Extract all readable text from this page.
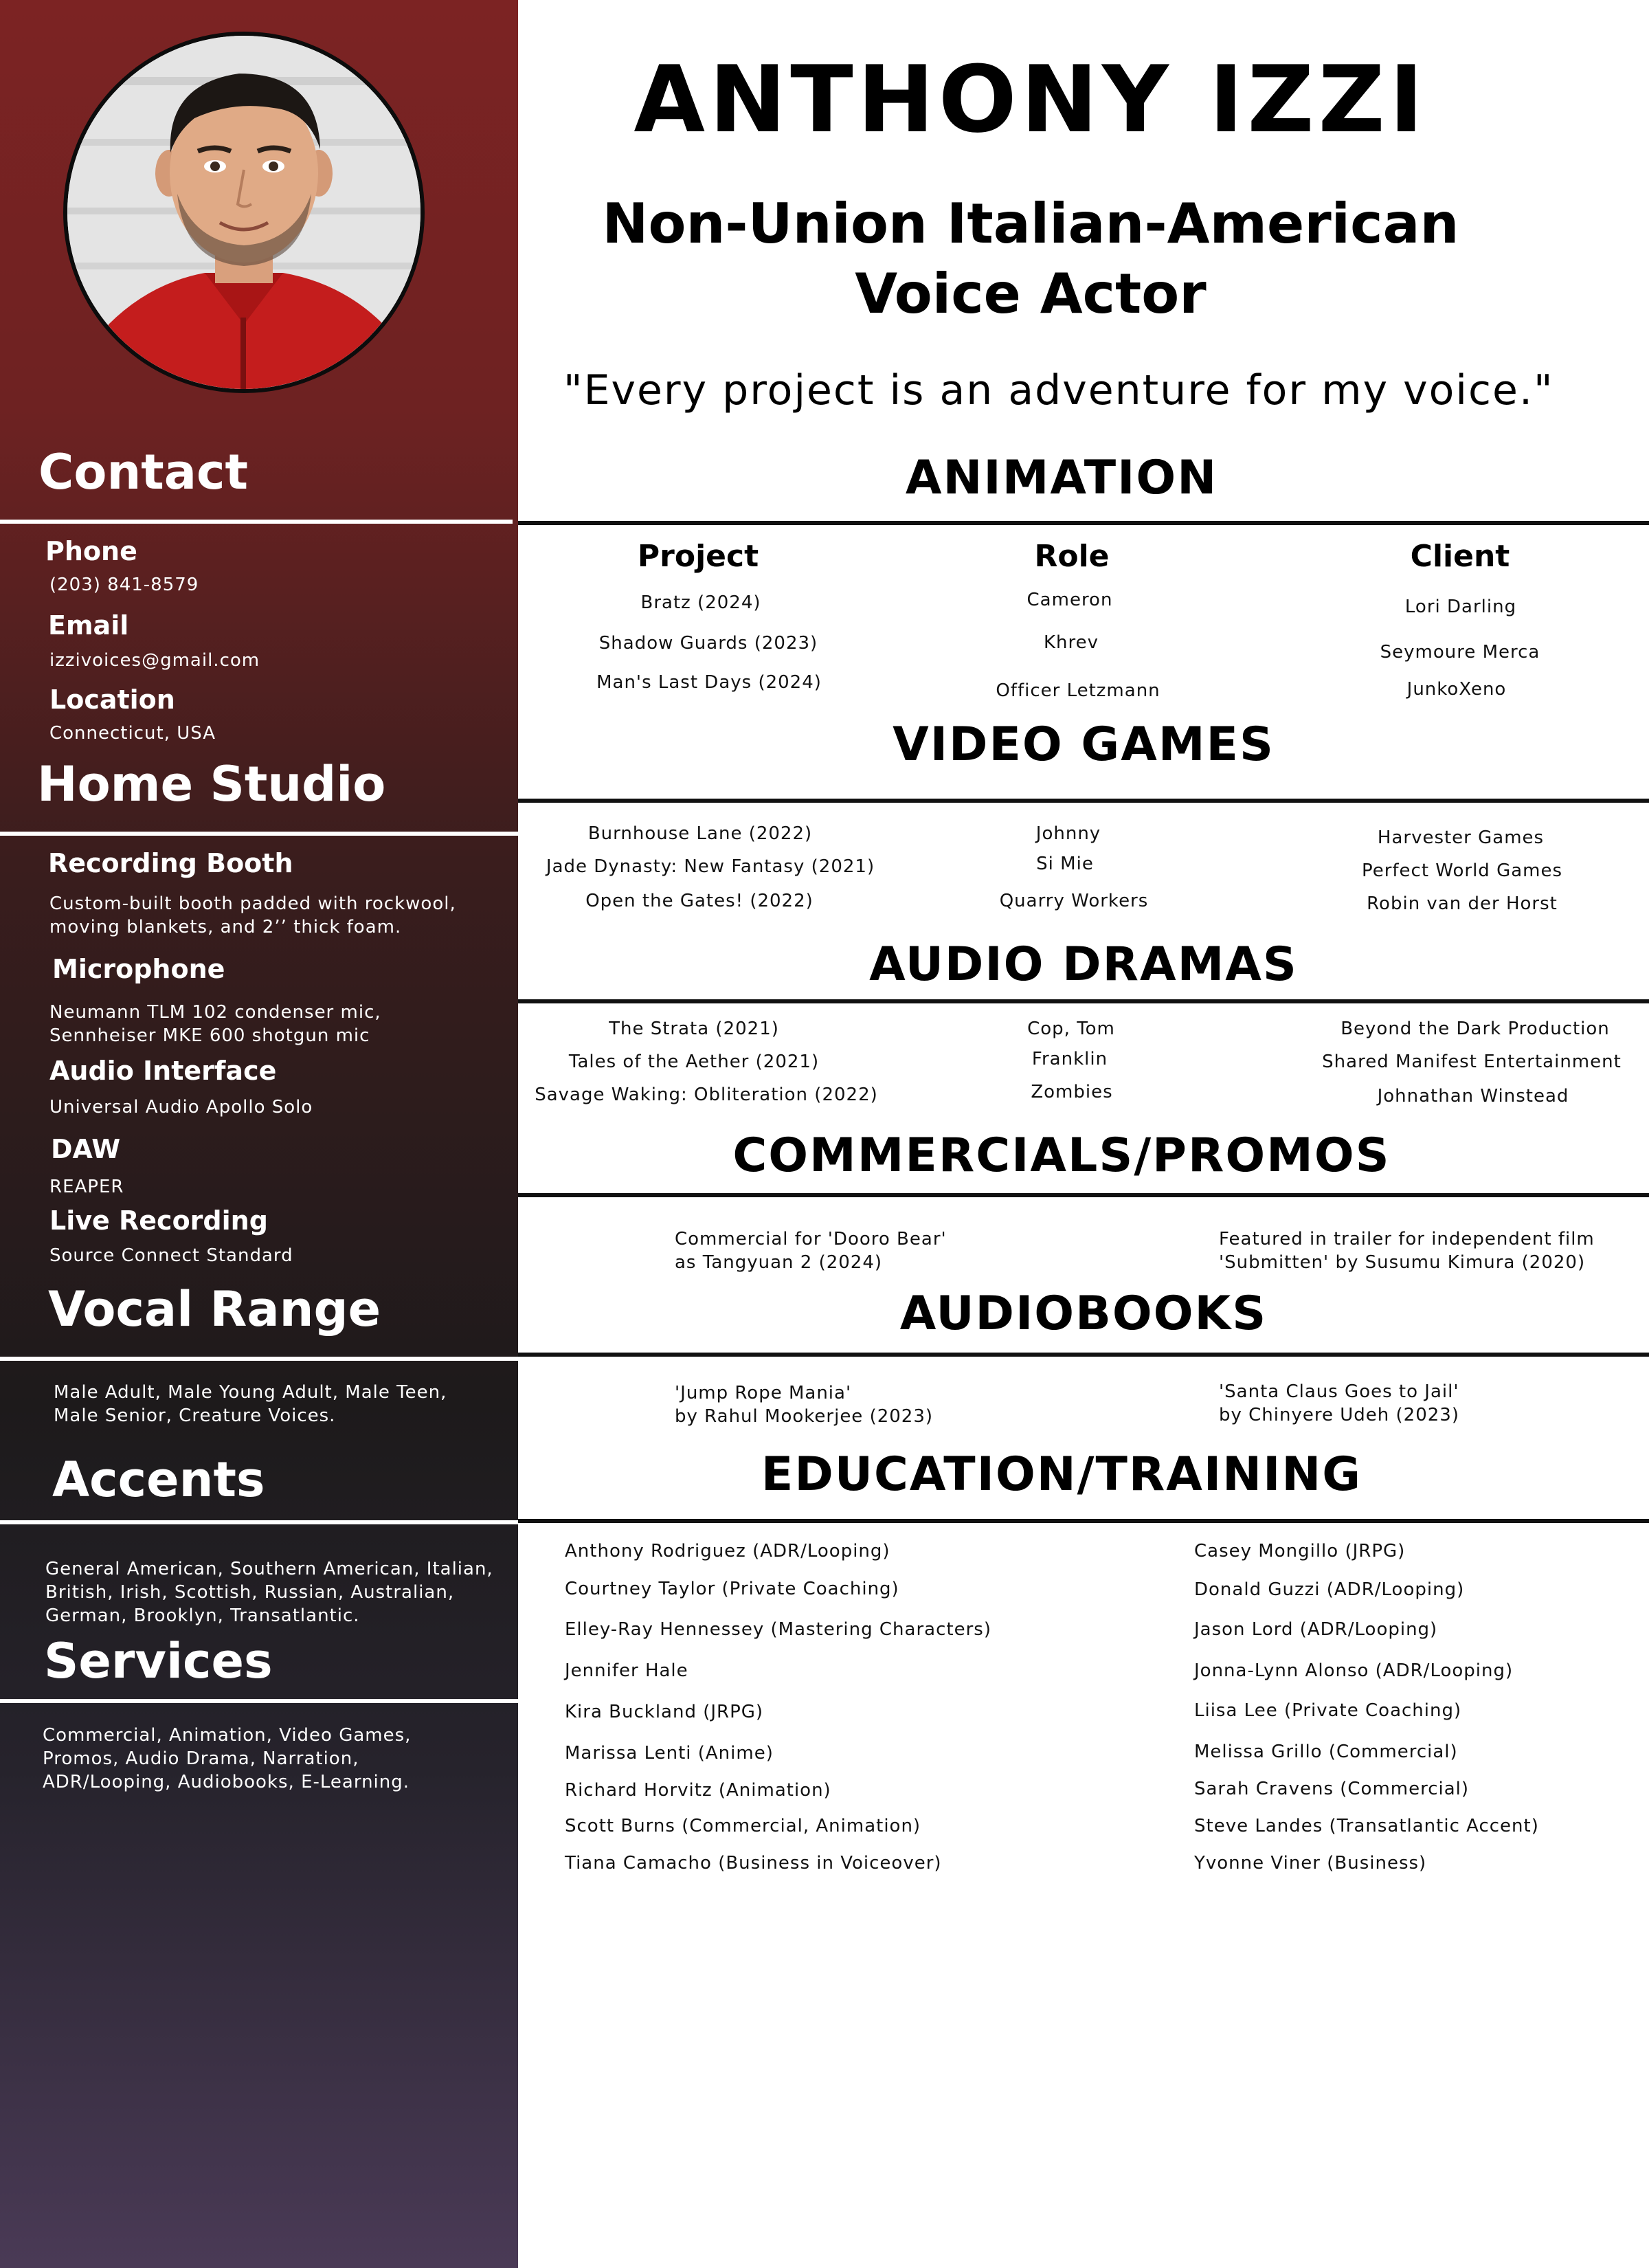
Contact
Phone
(203) 841-8579
Email
izzivoices@gmail.com
Location
Connecticut, USA
Home Studio
Recording Booth
Custom-built booth padded with rockwool,
moving blankets, and 2’’ thick foam.
Microphone
Neumann TLM 102 condenser mic,
Sennheiser MKE 600 shotgun mic
Audio Interface
Universal Audio Apollo Solo
DAW
REAPER
Live Recording
Source Connect Standard
Vocal Range
Male Adult, Male Young Adult, Male Teen,
Male Senior, Creature Voices.
Accents
General American, Southern American, Italian,
British, Irish, Scottish, Russian, Australian,
German, Brooklyn, Transatlantic.
Services
Commercial, Animation, Video Games,
Promos, Audio Drama, Narration,
ADR/Looping, Audiobooks, E-Learning.
ANTHONY IZZI
Non-Union Italian-American
Voice Actor
"Every project is an adventure for my voice."
ANIMATION
Project	Role	Client
Bratz (2024)
Shadow Guards (2023)
Man's Last Days (2024)
Cameron
Khrev
Officer Letzmann
Lori Darling
Seymoure Merca
JunkoXeno
VIDEO GAMES
Burnhouse Lane (2022)
Jade Dynasty: New Fantasy (2021)
Open the Gates! (2022)
Johnny
Si Mie
Quarry Workers
Harvester Games
Perfect World Games
Robin van der Horst
AUDIO DRAMAS
The Strata (2021)
Tales of the Aether (2021)
Savage Waking: Obliteration (2022)
Cop, Tom
Franklin
Zombies
Beyond the Dark Production
Shared Manifest Entertainment
Johnathan Winstead
COMMERCIALS/PROMOS
Commercial for 'Dooro Bear'
as Tangyuan 2 (2024)
Featured in trailer for independent film
'Submitten' by Susumu Kimura (2020)
AUDIOBOOKS
'Jump Rope Mania'
by Rahul Mookerjee (2023)
'Santa Claus Goes to Jail'
by Chinyere Udeh (2023)
EDUCATION/TRAINING
Anthony Rodriguez (ADR/Looping)
Courtney Taylor (Private Coaching)
Elley-Ray Hennessey (Mastering Characters)
Jennifer Hale
Kira Buckland (JRPG)
Marissa Lenti (Anime)
Richard Horvitz (Animation)
Scott Burns (Commercial, Animation)
Tiana Camacho (Business in Voiceover)
Casey Mongillo (JRPG)
Donald Guzzi (ADR/Looping)
Jason Lord (ADR/Looping)
Jonna-Lynn Alonso (ADR/Looping)
Liisa Lee (Private Coaching)
Melissa Grillo (Commercial)
Sarah Cravens (Commercial)
Steve Landes (Transatlantic Accent)
Yvonne Viner (Business)
